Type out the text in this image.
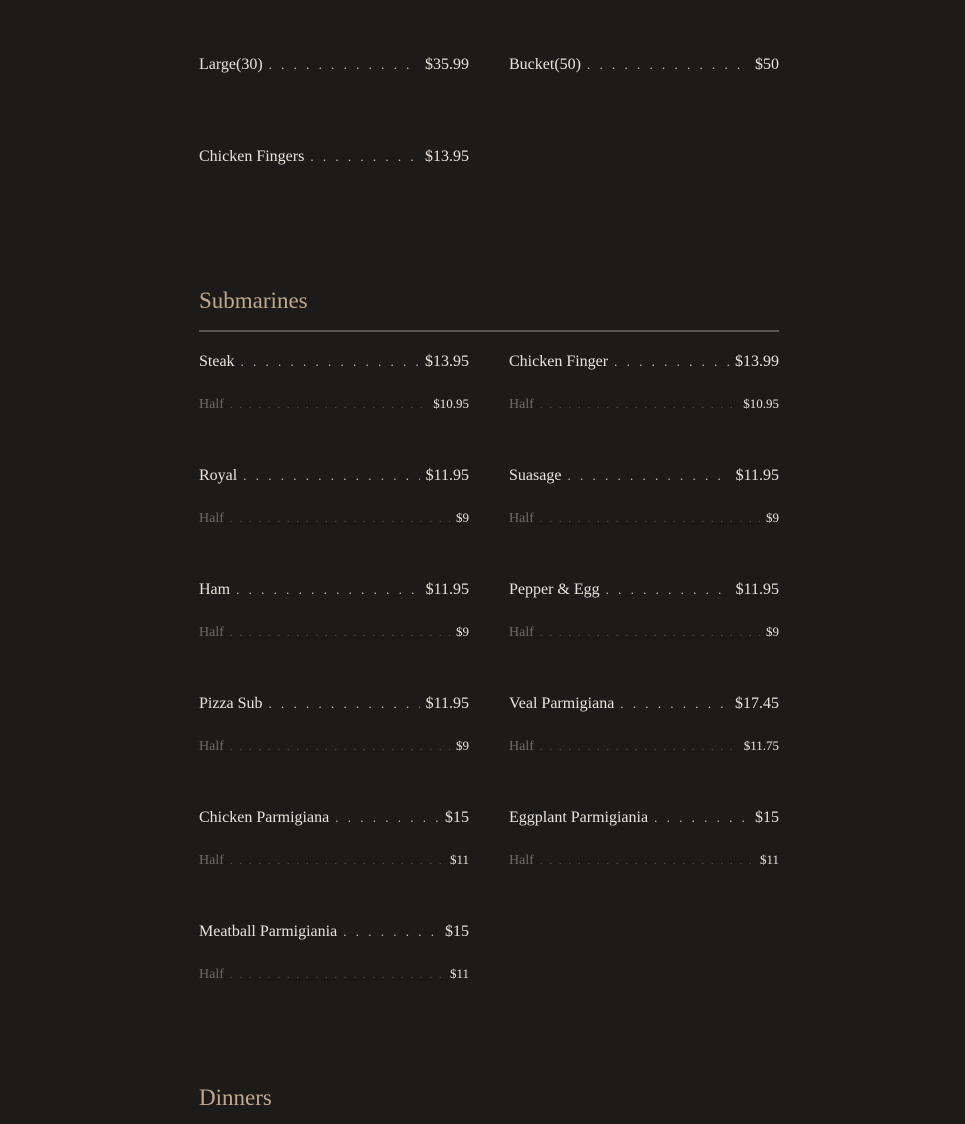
Large(30) . . .	$35.99	Bucket(50) . . .	$50
Chicken Fingers . . .	$13.95
Submarines
Steak . . .	$13.95
Half . . .	$10.95
Chicken Finger . . .	$13.99
Half . . .	$10.95
Royal . . .	$11.95
Half . . .	$9
Suasage . . .	$11.95
Half . . .	$9
Ham . . .	$11.95
Half . . .	$9
Pepper & Egg . . .	$11.95
Half . . .	$9
Pizza Sub . . .	$11.95
Half . . .	$9
Veal Parmigiana . . .	$17.45
Half . . .	$11.75
Chicken Parmigiana . . .	$15
Half . . .	$11
Eggplant Parmigiania . . .	$15
Half . . .	$11
Meatball Parmigiania . . .	$15
Half . . .	$11
Dinners
